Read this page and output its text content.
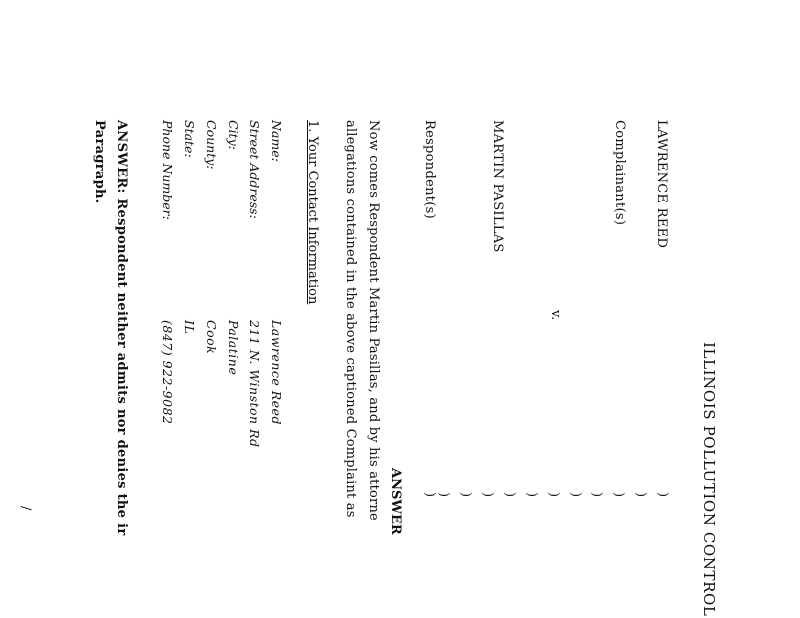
ILLINOIS POLLUTION CONTROL
LAWRENCE REED
Complainant(s)
v.
MARTIN PASILLAS
Respondent(s)
)
)
)
)
)
)
)
)
)
)
)
)
ANSWER
Now comes Respondent Martin Pasillas, and by his attorne
allegations contained in the above captioned Complaint as
1. Your Contact Information
Name:
Lawrence Reed
Street Address:
211 N. Winston Rd
City:
Palatine
County:
Cook
State:
IL
Phone Number:
(847) 922-9082
ANSWER: Respondent neither admits nor denies the ir
Paragraph.
/
